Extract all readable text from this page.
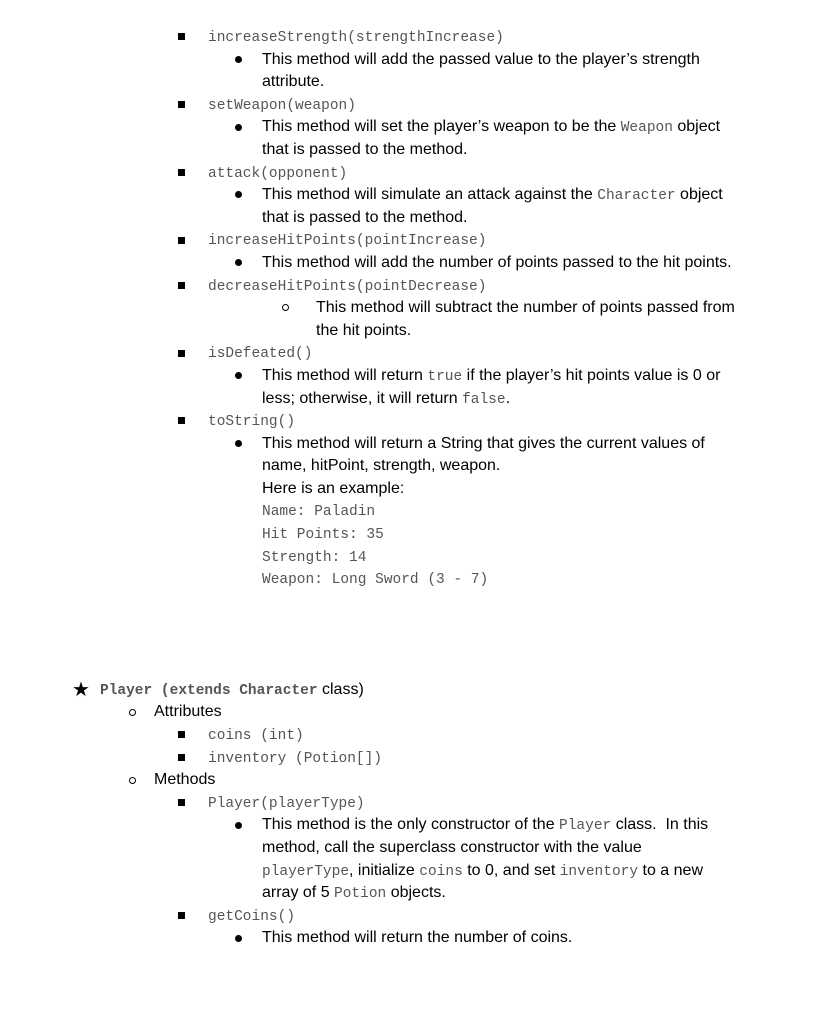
increaseStrength(strengthIncrease)
This method will add the passed value to the player’s strength
attribute.
setWeapon(weapon)
This method will set the player’s weapon to be the Weapon object
that is passed to the method.
attack(opponent)
This method will simulate an attack against the Character object
that is passed to the method.
increaseHitPoints(pointIncrease)
This method will add the number of points passed to the hit points.
decreaseHitPoints(pointDecrease)
This method will subtract the number of points passed from
the hit points.
isDefeated()
This method will return true if the player’s hit points value is 0 or
less; otherwise, it will return false.
toString()
This method will return a String that gives the current values of
name, hitPoint, strength, weapon.
Here is an example:
Name: Paladin
Hit Points: 35
Strength: 14
Weapon: Long Sword (3 - 7)
★ Player (extends Character class)
Attributes
coins (int)
inventory (Potion[])
Methods
Player(playerType)
This method is the only constructor of the Player class.  In this
method, call the superclass constructor with the value
playerType, initialize coins to 0, and set inventory to a new
array of 5 Potion objects.
getCoins()
This method will return the number of coins.
